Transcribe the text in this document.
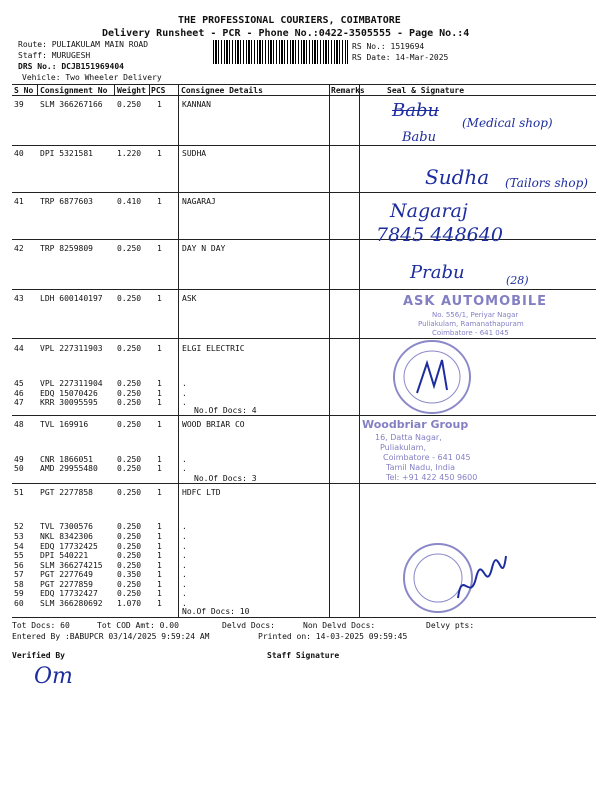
THE PROFESSIONAL COURIERS, COIMBATORE
Delivery Runsheet - PCR - Phone No.:0422-3505555 - Page No.:4
Route: PULIAKULAM MAIN ROAD
Staff: MURUGESH
DRS No.: DCJB151969404
Vehicle: Two Wheeler Delivery
RS No.: 1519694
RS Date: 14-Mar-2025
S No Consignment No Weight PCS Consignee Details	Remarks	Seal & Signature
39 SLM 366267166 0.250 1	KANNAN
40 DPI 5321581	1.220 1	SUDHA
41 TRP 6877603	0.410 1	NAGARAJ
42 TRP 8259809	0.250 1	DAY N DAY
43 LDH 600140197 0.250 1	ASK
44 VPL 227311903 0.250 1	ELGI ELECTRIC
45 VPL 227311904 0.250 1	.
46 EDQ 15070426 0.250 1	.
47 KRR 30095595 0.250 1	.
No.Of Docs: 4
48 TVL 169916	0.250 1	WOOD BRIAR CO
49 CNR 1866051	0.250 1	.
50 AMD 29955480 0.250 1	.
No.Of Docs: 3
51 PGT 2277858	0.250 1	HDFC LTD
52 TVL 7300576	0.250 1	.
53 NKL 8342306	0.250 1	.
54 EDQ 17732425 0.250 1	.
55 DPI 540221	0.250 1	.
56 SLM 366274215 0.250 1	.
57 PGT 2277649	0.350 1	.
58 PGT 2277859	0.250 1	.
59 EDQ 17732427 0.250 1	.
60 SLM 366280692 1.070 1	.
No.Of Docs: 10
Babu
(Medical shop)
Babu
Sudha (Tailors shop)
Nagaraj
7845 448640
Prabu	(28)
ASK AUTOMOBILE
No. 556/1, Periyar Nagar
Puliakulam, Ramanathapuram
Coimbatore - 641 045
Woodbriar Group
16, Datta Nagar,
Puliakulam,
Coimbatore - 641 045
Tamil Nadu, India
Tel: +91 422 450 9600
Tot Docs: 60	Tot COD Amt: 0.00	Delvd Docs:	Non Delvd Docs:	Delvy pts:
Entered By :BABUPCR 03/14/2025 9:59:24 AM	Printed on: 14-03-2025 09:59:45
Verified By	Staff Signature
Om
